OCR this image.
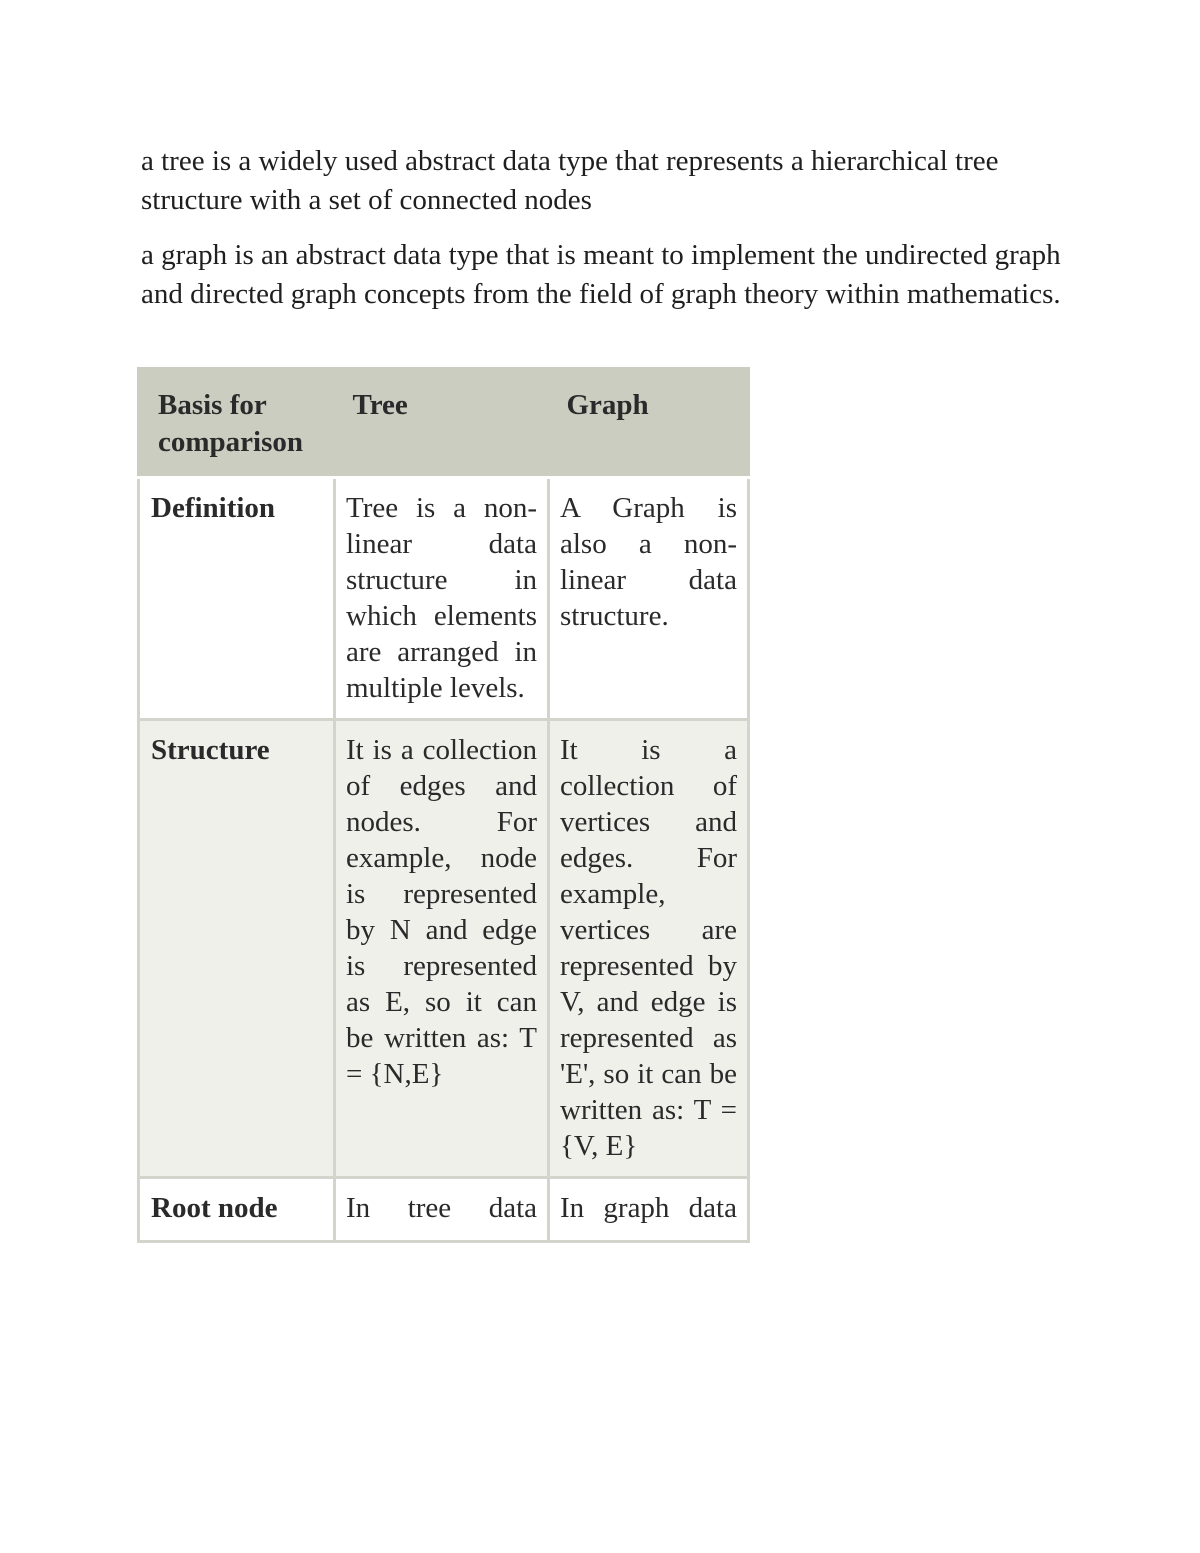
a tree is a widely used abstract data type that represents a hierarchical tree structure with a set of connected nodes

a graph is an abstract data type that is meant to implement the undirected graph and directed graph concepts from the field of graph theory within mathematics.

Basis for comparison	Tree	Graph
Definition	Tree is a non-linear data structure in which elements are arranged in multiple levels.	A Graph is also a non-linear data structure.
Structure	It is a collection of edges and nodes. For example, node is represented by N and edge is represented as E, so it can be written as: T = {N,E}	It is a collection of vertices and edges. For example, vertices are represented by V, and edge is represented as 'E', so it can be written as: T = {V, E}
Root node	In tree data	In graph data
